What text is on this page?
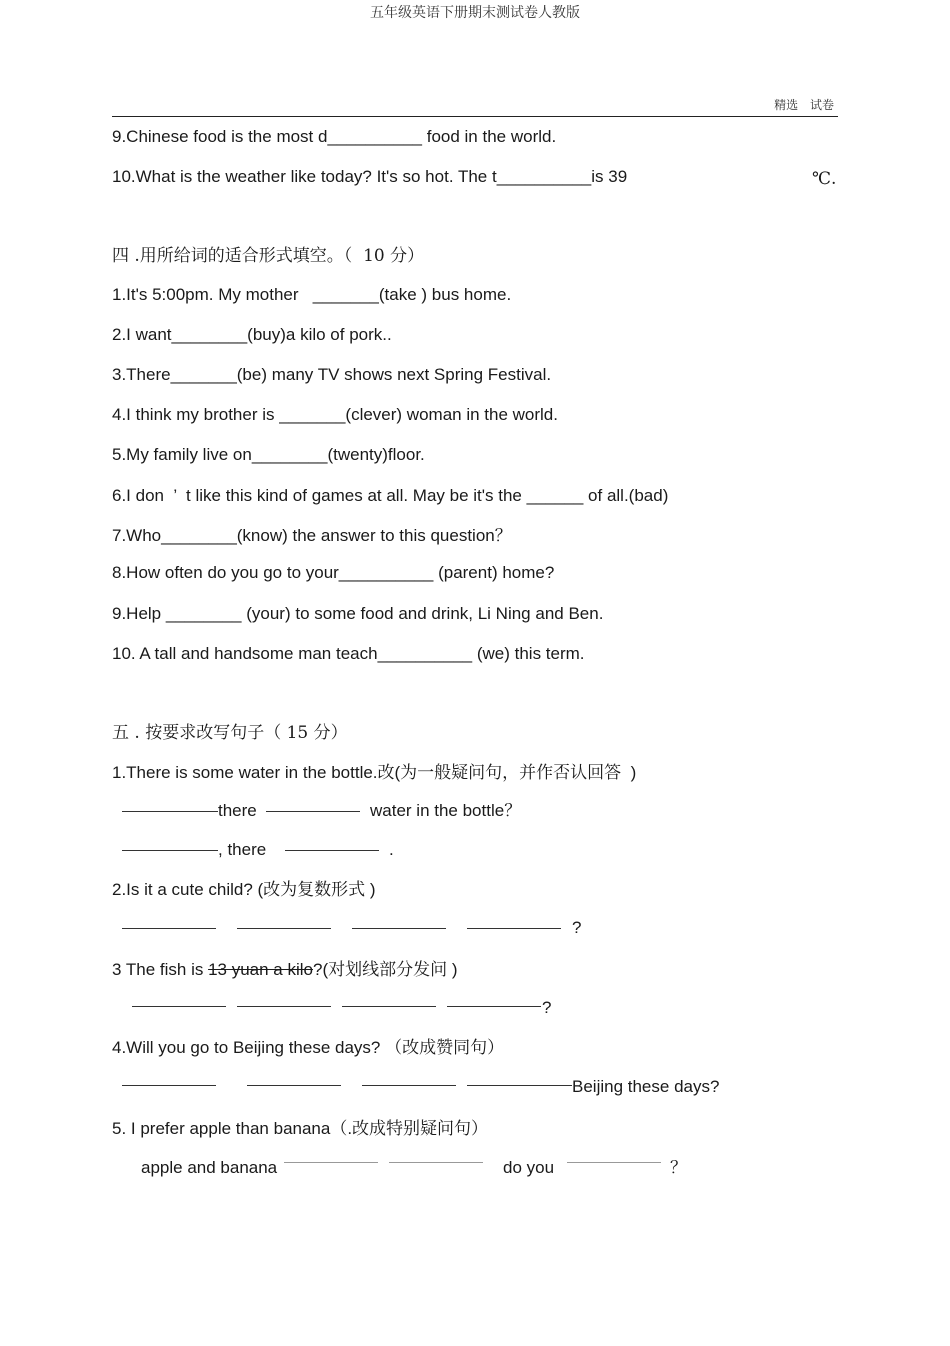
五年级英语下册期末测试卷人教版
精选 试卷
9.Chinese food is the most d__________ food in the world.
10.What is the weather like today? It's so hot. The t__________is 39	℃.
四 .用所给词的适合形式填空。（  10 分）
1.It's 5:00pm. My mother   _______(take ) bus home.
2.I want________(buy)a kilo of pork..
3.There_______(be) many TV shows next Spring Festival.
4.I think my brother is _______(clever) woman in the world.
5.My family live on________(twenty)floor.
6.I don  ’  t like this kind of games at all. May be it's the ______ of all.(bad)
7.Who________(know) the answer to this question？
8.How often do you go to your__________ (parent) home?
9.Help ________ (your) to some food and drink, Li Ning and Ben.
10. A tall and handsome man teach__________ (we) this term.
五 . 按要求改写句子（ 15 分）
1.There is some water in the bottle.改(为一般疑问句，并作否认回答  )
there	water in the bottle？
, there	.
2.Is it a cute child? (改为复数形式 )
?
3 The fish is 13 yuan a kilo?(对划线部分发问 )
?
4.Will you go to Beijing these days? （改成赞同句）
Beijing these days?
5. I prefer apple than banana（.改成特别疑问句）
apple and banana	do you	？
